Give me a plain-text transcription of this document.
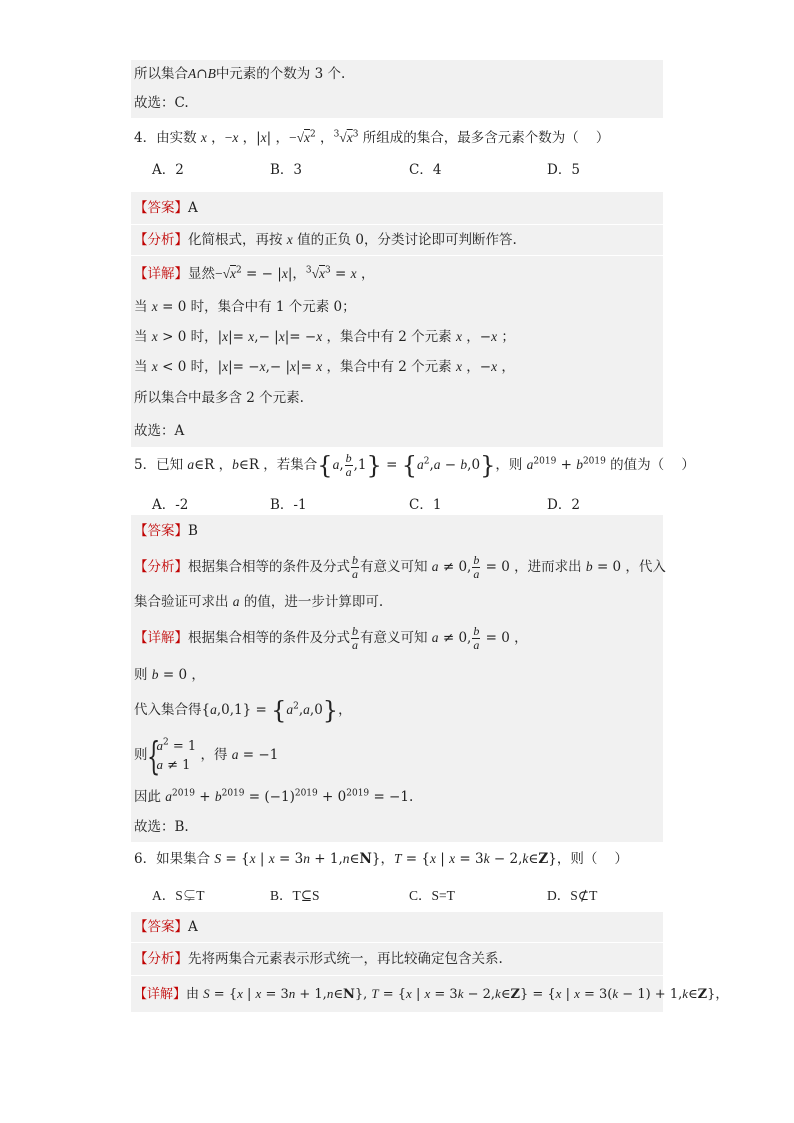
所以集合A∩B中元素的个数为 3 个.
故选：C.
4．由实数 x ，−x ，|x| ，$-√x^2$ ，$^3√x^3$ 所组成的集合，最多含元素个数为（    ）
A．2	B．3	C．4	D．5
【答案】A
【分析】化简根式，再按 x 值的正负 0，分类讨论即可判断作答.
【详解】显然$-√x^2$ = − |x|，$^3√x^3 = x$ ，
当 x = 0 时，集合中有 1 个元素 0；
当 x > 0 时，|x|= x,− |x|= −x ，集合中有 2 个元素 x ，−x ；
当 x < 0 时，|x|= −x,− |x|= x ，集合中有 2 个元素 x ，−x ，
所以集合中最多含 2 个元素.
故选：A
5．已知 a∈R ，b∈R ，若集合{a, $\frac{b}{a} ,1\} = \{a^2,a - b,0\}$，则 $a^{2019} + b^{2019}$ 的值为（    ）
A．-2	B．-1	C．1	D．2
【答案】B
【分析】根据集合相等的条件及分式 $\frac{b}{a}$ 有意义可知 a ≠ 0, $\frac{b}{a} = 0$ ，进而求出 b = 0 ，代入
集合验证可求出 a 的值，进一步计算即可.
【详解】根据集合相等的条件及分式 $\frac{b}{a}$ 有意义可知 a ≠ 0, $\frac{b}{a} = 0$ ，
则 b = 0 ，
代入集合得$\{a,0,1\} = \{a^2,a,0\}$，
则
{ $a^2 = 1$
a ≠ 1
，得 a = −1
因此 $a^{2019} + b^{2019} = (-1)^{2019} + 0^{2019} = -1$.
故选：B.
6．如果集合 S = {x | x = 3n + 1,n∈N}，T = {x | x = 3k − 2,k∈Z}，则（    ）
A．S⊊T	B．T⊆S	C．S=T	D．S⊄T
【答案】A
【分析】先将两集合元素表示形式统一，再比较确定包含关系.
【详解】由 S = {x | x = 3n + 1,n∈N}, T = {x | x = 3k − 2,k∈Z} = {x | x = 3(k − 1) + 1,k∈Z}，
